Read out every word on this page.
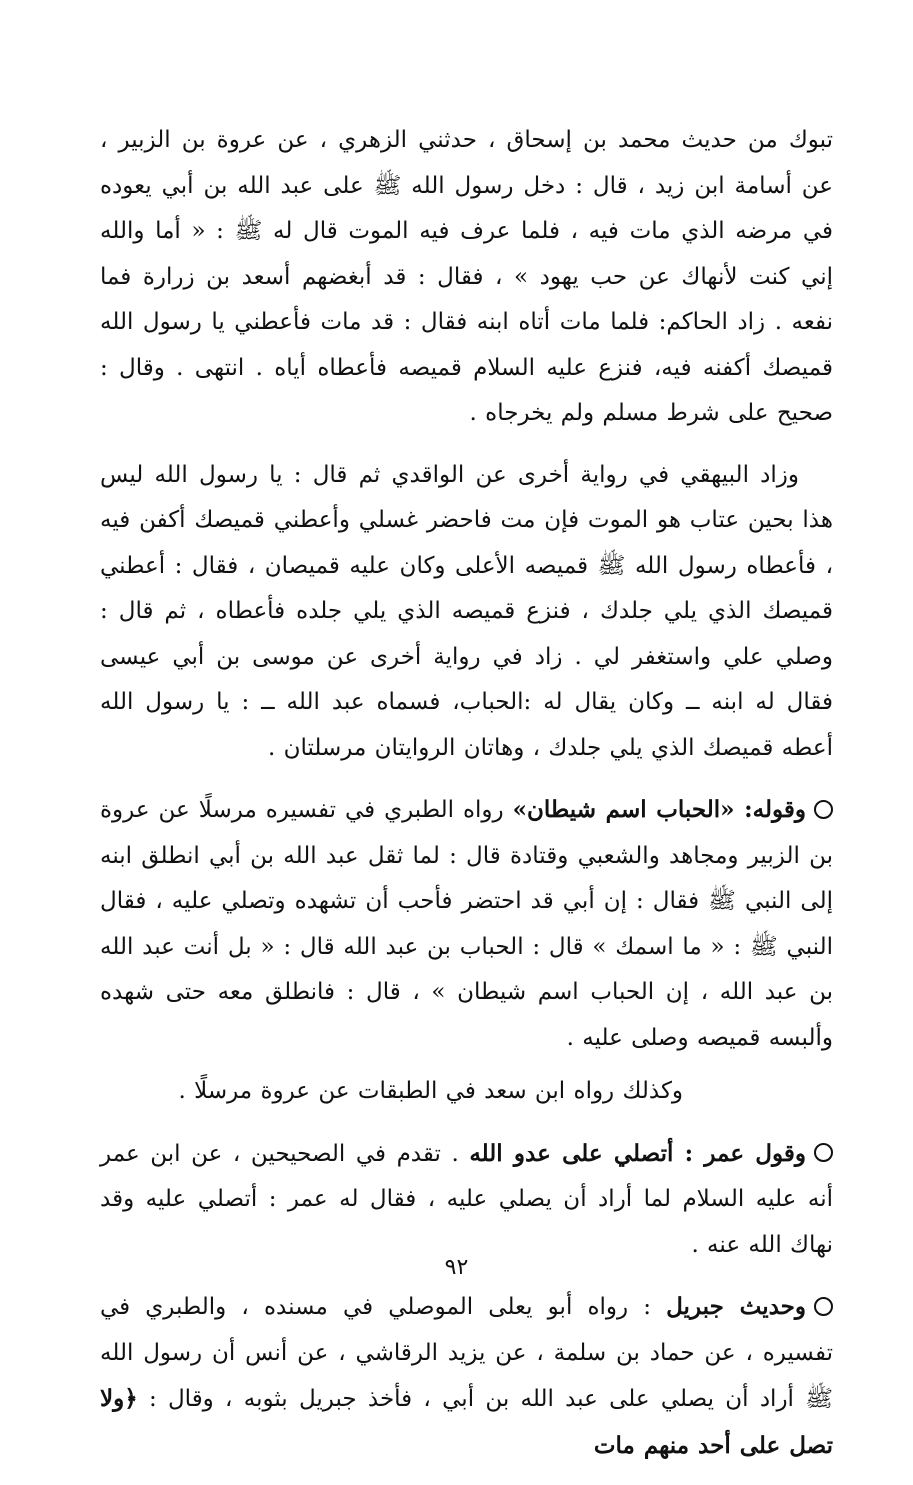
تبوك من حديث محمد بن إسحاق ، حدثني الزهري ، عن عروة بن الزبير ، عن أسامة ابن زيد ، قال : دخل رسول الله ﷺ على عبد الله بن أبي يعوده في مرضه الذي مات فيه ، فلما عرف فيه الموت قال له ﷺ : « أما والله إني كنت لأنهاك عن حب يهود » ، فقال : قد أبغضهم أسعد بن زرارة فما نفعه . زاد الحاكم: فلما مات أتاه ابنه فقال : قد مات فأعطني يا رسول الله قميصك أكفنه فيه، فنزع عليه السلام قميصه فأعطاه أياه . انتهى . وقال : صحيح على شرط مسلم ولم يخرجاه .

وزاد البيهقي في رواية أخرى عن الواقدي ثم قال : يا رسول الله ليس هذا بحين عتاب هو الموت فإن مت فاحضر غسلي وأعطني قميصك أكفن فيه ، فأعطاه رسول الله ﷺ قميصه الأعلى وكان عليه قميصان ، فقال : أعطني قميصك الذي يلي جلدك ، فنزع قميصه الذي يلي جلده فأعطاه ، ثم قال : وصلي علي واستغفر لي . زاد في رواية أخرى عن موسى بن أبي عيسى فقال له ابنه ــ وكان يقال له :الحباب، فسماه عبد الله ــ : يا رسول الله أعطه قميصك الذي يلي جلدك ، وهاتان الروايتان مرسلتان .

وقوله: «الحباب اسم شيطان» رواه الطبري في تفسيره مرسلًا عن عروة بن الزبير ومجاهد والشعبي وقتادة قال : لما ثقل عبد الله بن أبي انطلق ابنه إلى النبي ﷺ فقال : إن أبي قد احتضر فأحب أن تشهده وتصلي عليه ، فقال النبي ﷺ : « ما اسمك » قال : الحباب بن عبد الله قال : « بل أنت عبد الله بن عبد الله ، إن الحباب اسم شيطان » ، قال : فانطلق معه حتى شهده وألبسه قميصه وصلى عليه .

وكذلك رواه ابن سعد في الطبقات عن عروة مرسلًا .

وقول عمر : أتصلي على عدو الله . تقدم في الصحيحين ، عن ابن عمر أنه عليه السلام لما أراد أن يصلي عليه ، فقال له عمر : أتصلي عليه وقد نهاك الله عنه .

وحديث جبريل : رواه أبو يعلى الموصلي في مسنده ، والطبري في تفسيره ، عن حماد بن سلمة ، عن يزيد الرقاشي ، عن أنس أن رسول الله ﷺ أراد أن يصلي على عبد الله بن أبي ، فأخذ جبريل بثوبه ، وقال : ﴿ولا تصل على أحد منهم مات

٩٢
